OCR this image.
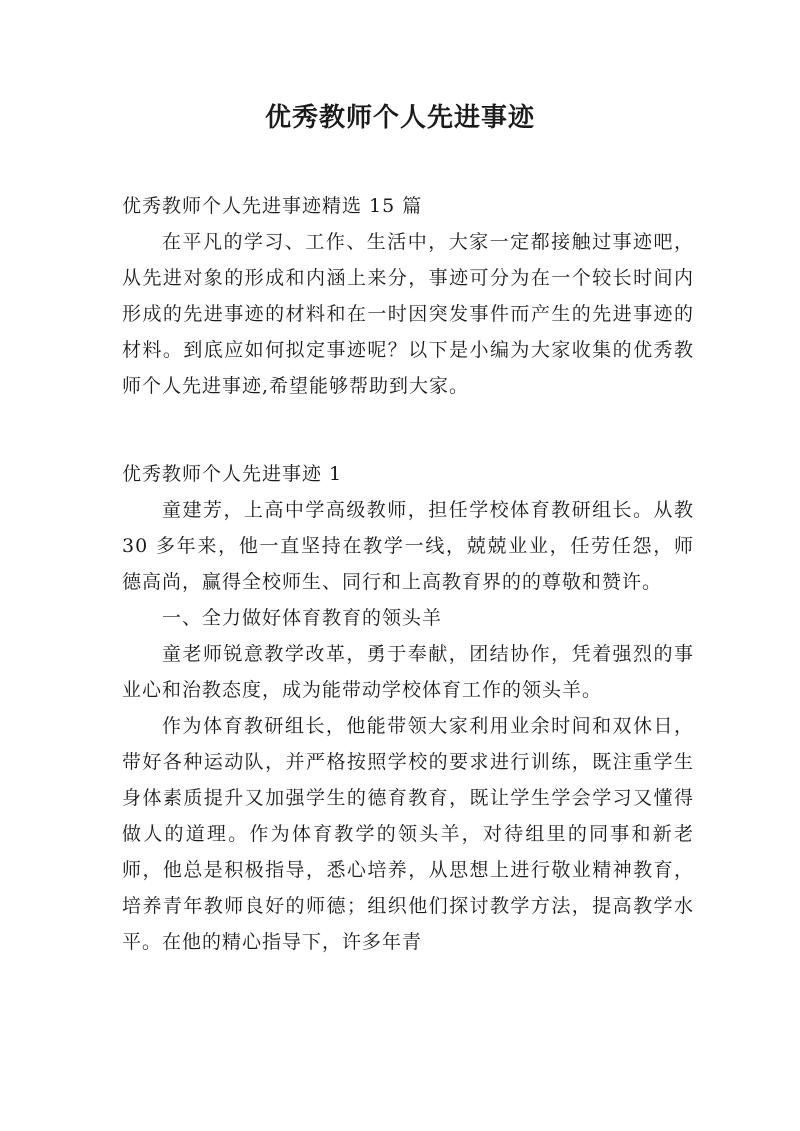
优秀教师个人先进事迹

优秀教师个人先进事迹精选 15 篇

在平凡的学习、工作、生活中，大家一定都接触过事迹吧，从先进对象的形成和内涵上来分，事迹可分为在一个较长时间内形成的先进事迹的材料和在一时因突发事件而产生的先进事迹的材料。到底应如何拟定事迹呢？以下是小编为大家收集的优秀教师个人先进事迹,希望能够帮助到大家。

优秀教师个人先进事迹 1

童建芳，上高中学高级教师，担任学校体育教研组长。从教 30 多年来，他一直坚持在教学一线，兢兢业业，任劳任怨，师德高尚，赢得全校师生、同行和上高教育界的的尊敬和赞许。

一、全力做好体育教育的领头羊

童老师锐意教学改革，勇于奉献，团结协作，凭着强烈的事业心和治教态度，成为能带动学校体育工作的领头羊。

作为体育教研组长，他能带领大家利用业余时间和双休日，带好各种运动队，并严格按照学校的要求进行训练，既注重学生身体素质提升又加强学生的德育教育，既让学生学会学习又懂得做人的道理。作为体育教学的领头羊，对待组里的同事和新老师，他总是积极指导，悉心培养，从思想上进行敬业精神教育，培养青年教师良好的师德；组织他们探讨教学方法，提高教学水平。在他的精心指导下，许多年青
